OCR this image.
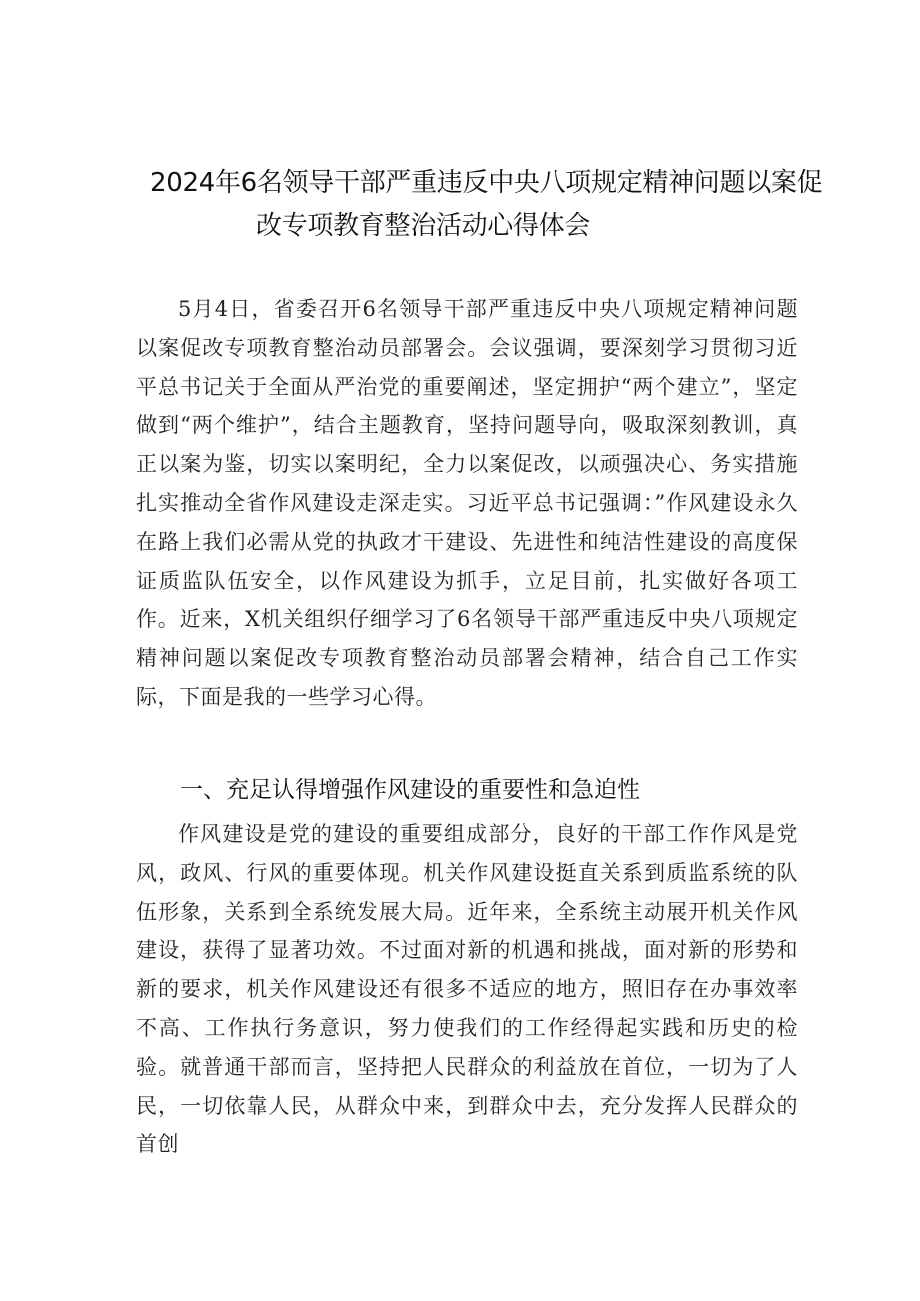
2024年6名领导干部严重违反中央八项规定精神问题以案促
改专项教育整治活动心得体会

5月4日，省委召开6名领导干部严重违反中央八项规定精神问题以案促改专项教育整治动员部署会。会议强调，要深刻学习贯彻习近平总书记关于全面从严治党的重要阐述，坚定拥护“两个建立”，坚定做到“两个维护”，结合主题教育，坚持问题导向，吸取深刻教训，真正以案为鉴，切实以案明纪，全力以案促改，以顽强决心、务实措施扎实推动全省作风建设走深走实。习近平总书记强调：”作风建设永久在路上我们必需从党的执政才干建设、先进性和纯洁性建设的高度保证质监队伍安全，以作风建设为抓手，立足目前，扎实做好各项工作。近来，X机关组织仔细学习了6名领导干部严重违反中央八项规定精神问题以案促改专项教育整治动员部署会精神，结合自己工作实际，下面是我的一些学习心得。

一、充足认得增强作风建设的重要性和急迫性

作风建设是党的建设的重要组成部分，良好的干部工作作风是党风，政风、行风的重要体现。机关作风建设挺直关系到质监系统的队伍形象，关系到全系统发展大局。近年来，全系统主动展开机关作风建设，获得了显著功效。不过面对新的机遇和挑战，面对新的形势和新的要求，机关作风建设还有很多不适应的地方，照旧存在办事效率不高、工作执行务意识，努力使我们的工作经得起实践和历史的检验。就普通干部而言，坚持把人民群众的利益放在首位，一切为了人民，一切依靠人民，从群众中来，到群众中去，充分发挥人民群众的首创
